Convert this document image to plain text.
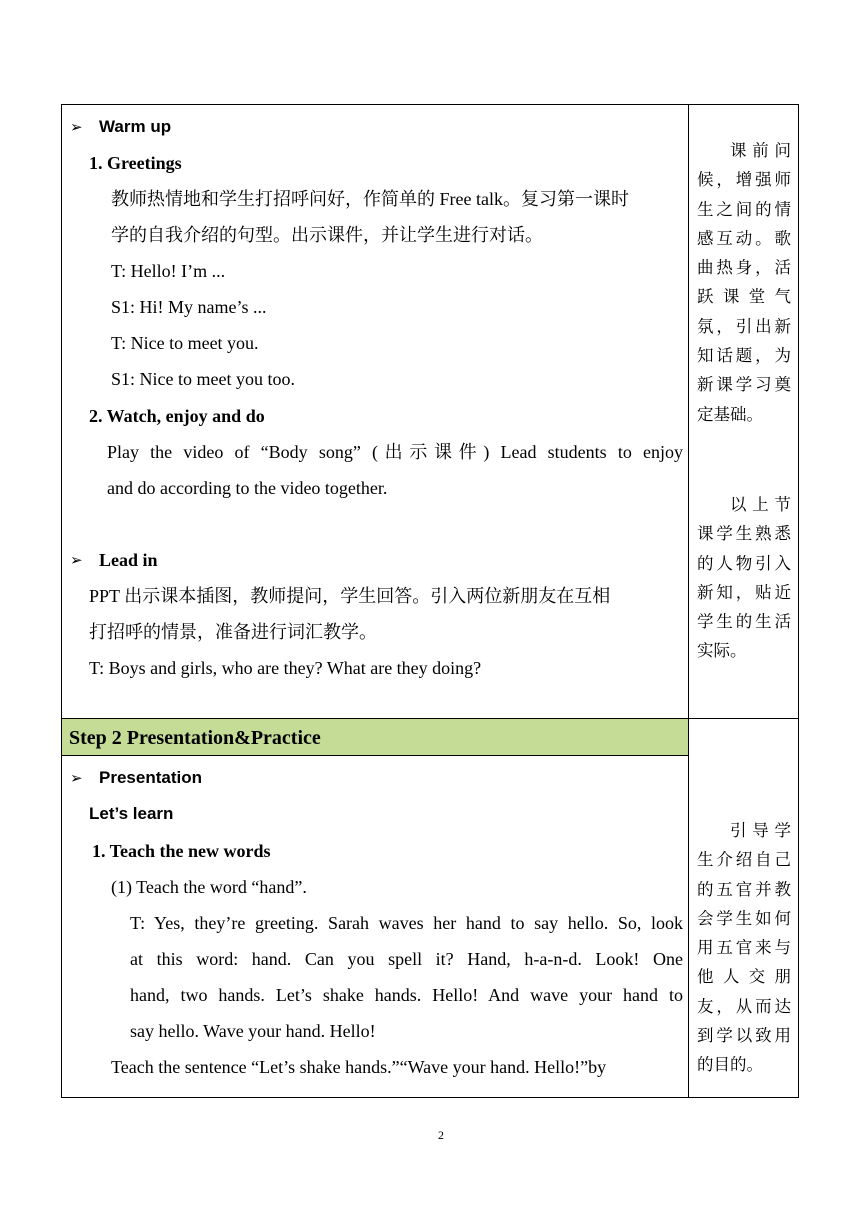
➢ Warm up
1. Greetings
教师热情地和学生打招呼问好，作简单的 Free talk。复习第一课时
学的自我介绍的句型。出示课件，并让学生进行对话。
T: Hello! I’m ...
S1: Hi! My name’s ...
T: Nice to meet you.
S1: Nice to meet you too.
2. Watch, enjoy and do
Play the video of “Body song” (出示课件) Lead students to enjoy
and do according to the video together.
➢ Lead in
PPT 出示课本插图，教师提问，学生回答。引入两位新朋友在互相
打招呼的情景，准备进行词汇教学。
T: Boys and girls, who are they? What are they doing?
Step 2 Presentation&Practice
➢ Presentation
Let’s learn
1. Teach the new words
(1) Teach the word “hand”.
T: Yes, they’re greeting. Sarah waves her hand to say hello. So, look
at this word: hand. Can you spell it? Hand, h-a-n-d. Look! One
hand, two hands. Let’s shake hands. Hello! And wave your hand to
say hello. Wave your hand. Hello!
Teach the sentence “Let’s shake hands.”“Wave your hand. Hello!”by
课前问
候，增强师
生之间的情
感互动。歌
曲热身，活
跃课堂气
氛，引出新
知话题，为
新课学习奠
定基础。
以上节
课学生熟悉
的人物引入
新知，贴近
学生的生活
实际。
引导学
生介绍自己
的五官并教
会学生如何
用五官来与
他人交朋
友，从而达
到学以致用
的目的。
2
